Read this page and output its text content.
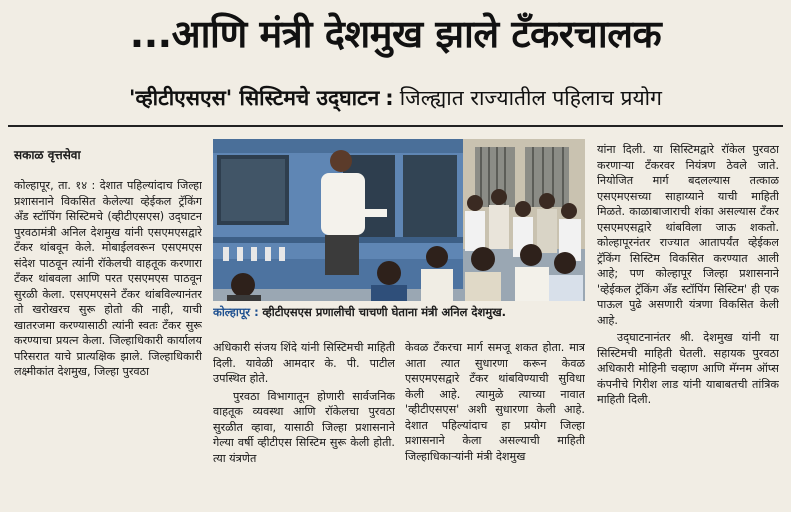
...आणि मंत्री देशमुख झाले टँकरचालक
'व्हीटीएसएस' सिस्टिमचे उद्‌घाटन : जिल्ह्यात राज्यातील पहिलाच प्रयोग
सकाळ वृत्तसेवा

कोल्हापूर, ता. १४ : देशात पहिल्यांदाच जिल्हा प्रशासनाने विकसित केलेल्या व्हेईकल ट्रॅकिंग अँड स्टॉपिंग सिस्टिमचे (व्हीटीएसएस) उद्‌घाटन पुरवठामंत्री अनिल देशमुख यांनी एसएमएसद्वारे टँकर थांबवून केले. मोबाईलवरून एसएमएस संदेश पाठवून त्यांनी रॉकेलची वाहतूक करणारा टँकर थांबवला आणि परत एसएमएस पाठवून सुरळी केला. एसएमएसने टँकर थांबविल्यानंतर तो खरोखरच सुरू होतो की नाही, याची खातरजमा करण्यासाठी त्यांनी स्वतः टँकर सुरू करण्याचा प्रयत्न केला. जिल्हाधिकारी कार्यालय परिसरात याचे प्रात्यक्षिक झाले. जिल्हाधिकारी लक्ष्मीकांत देशमुख, जिल्हा पुरवठा

कोल्हापूर : व्हीटीएसएस प्रणालीची चाचणी घेताना मंत्री अनिल देशमुख.

अधिकारी संजय शिंदे यांनी सिस्टिमची माहिती दिली. यावेळी आमदार के. पी. पाटील उपस्थित होते.

पुरवठा विभागातून होणारी सार्वजनिक वाहतूक व्यवस्था आणि रॉकेलचा पुरवठा सुरळीत व्हावा, यासाठी जिल्हा प्रशासनाने गेल्या वर्षी व्हीटीएस सिस्टिम सुरू केली होती. त्या यंत्रणेत

केवळ टँकरचा मार्ग समजू शकत होता. मात्र आता त्यात सुधारणा करून केवळ एसएमएसद्वारे टँकर थांबविण्याची सुविधा केली आहे. त्यामुळे त्याच्या नावात 'व्हीटीएसएस' अशी सुधारणा केली आहे. देशात पहिल्यांदाच हा प्रयोग जिल्हा प्रशासनाने केला असल्याची माहिती जिल्हाधिकाऱ्यांनी मंत्री देशमुख

यांना दिली. या सिस्टिमद्वारे रॉकेल पुरवठा करणाऱ्या टँकरवर नियंत्रण ठेवले जाते. नियोजित मार्ग बदलल्यास तत्काळ एसएमएसच्या साहाय्याने याची माहिती मिळते. काळाबाजाराची शंका असल्यास टँकर एसएमएसद्वारे थांबविला जाऊ शकतो. कोल्हापूरनंतर राज्यात आतापर्यंत व्हेईकल ट्रॅकिंग सिस्टिम विकसित करण्यात आली आहे; पण कोल्हापूर जिल्हा प्रशासनाने 'व्हेईकल ट्रॅकिंग अँड स्टॉपिंग सिस्टिम' ही एक पाऊल पुढे असणारी यंत्रणा विकसित केली आहे.

उद्‌घाटनानंतर श्री. देशमुख यांनी या सिस्टिमची माहिती घेतली. सहायक पुरवठा अधिकारी मोहिनी चव्हाण आणि मॅग्नम ऑप्स कंपनीचे गिरीश लाड यांनी याबाबतची तांत्रिक माहिती दिली.
